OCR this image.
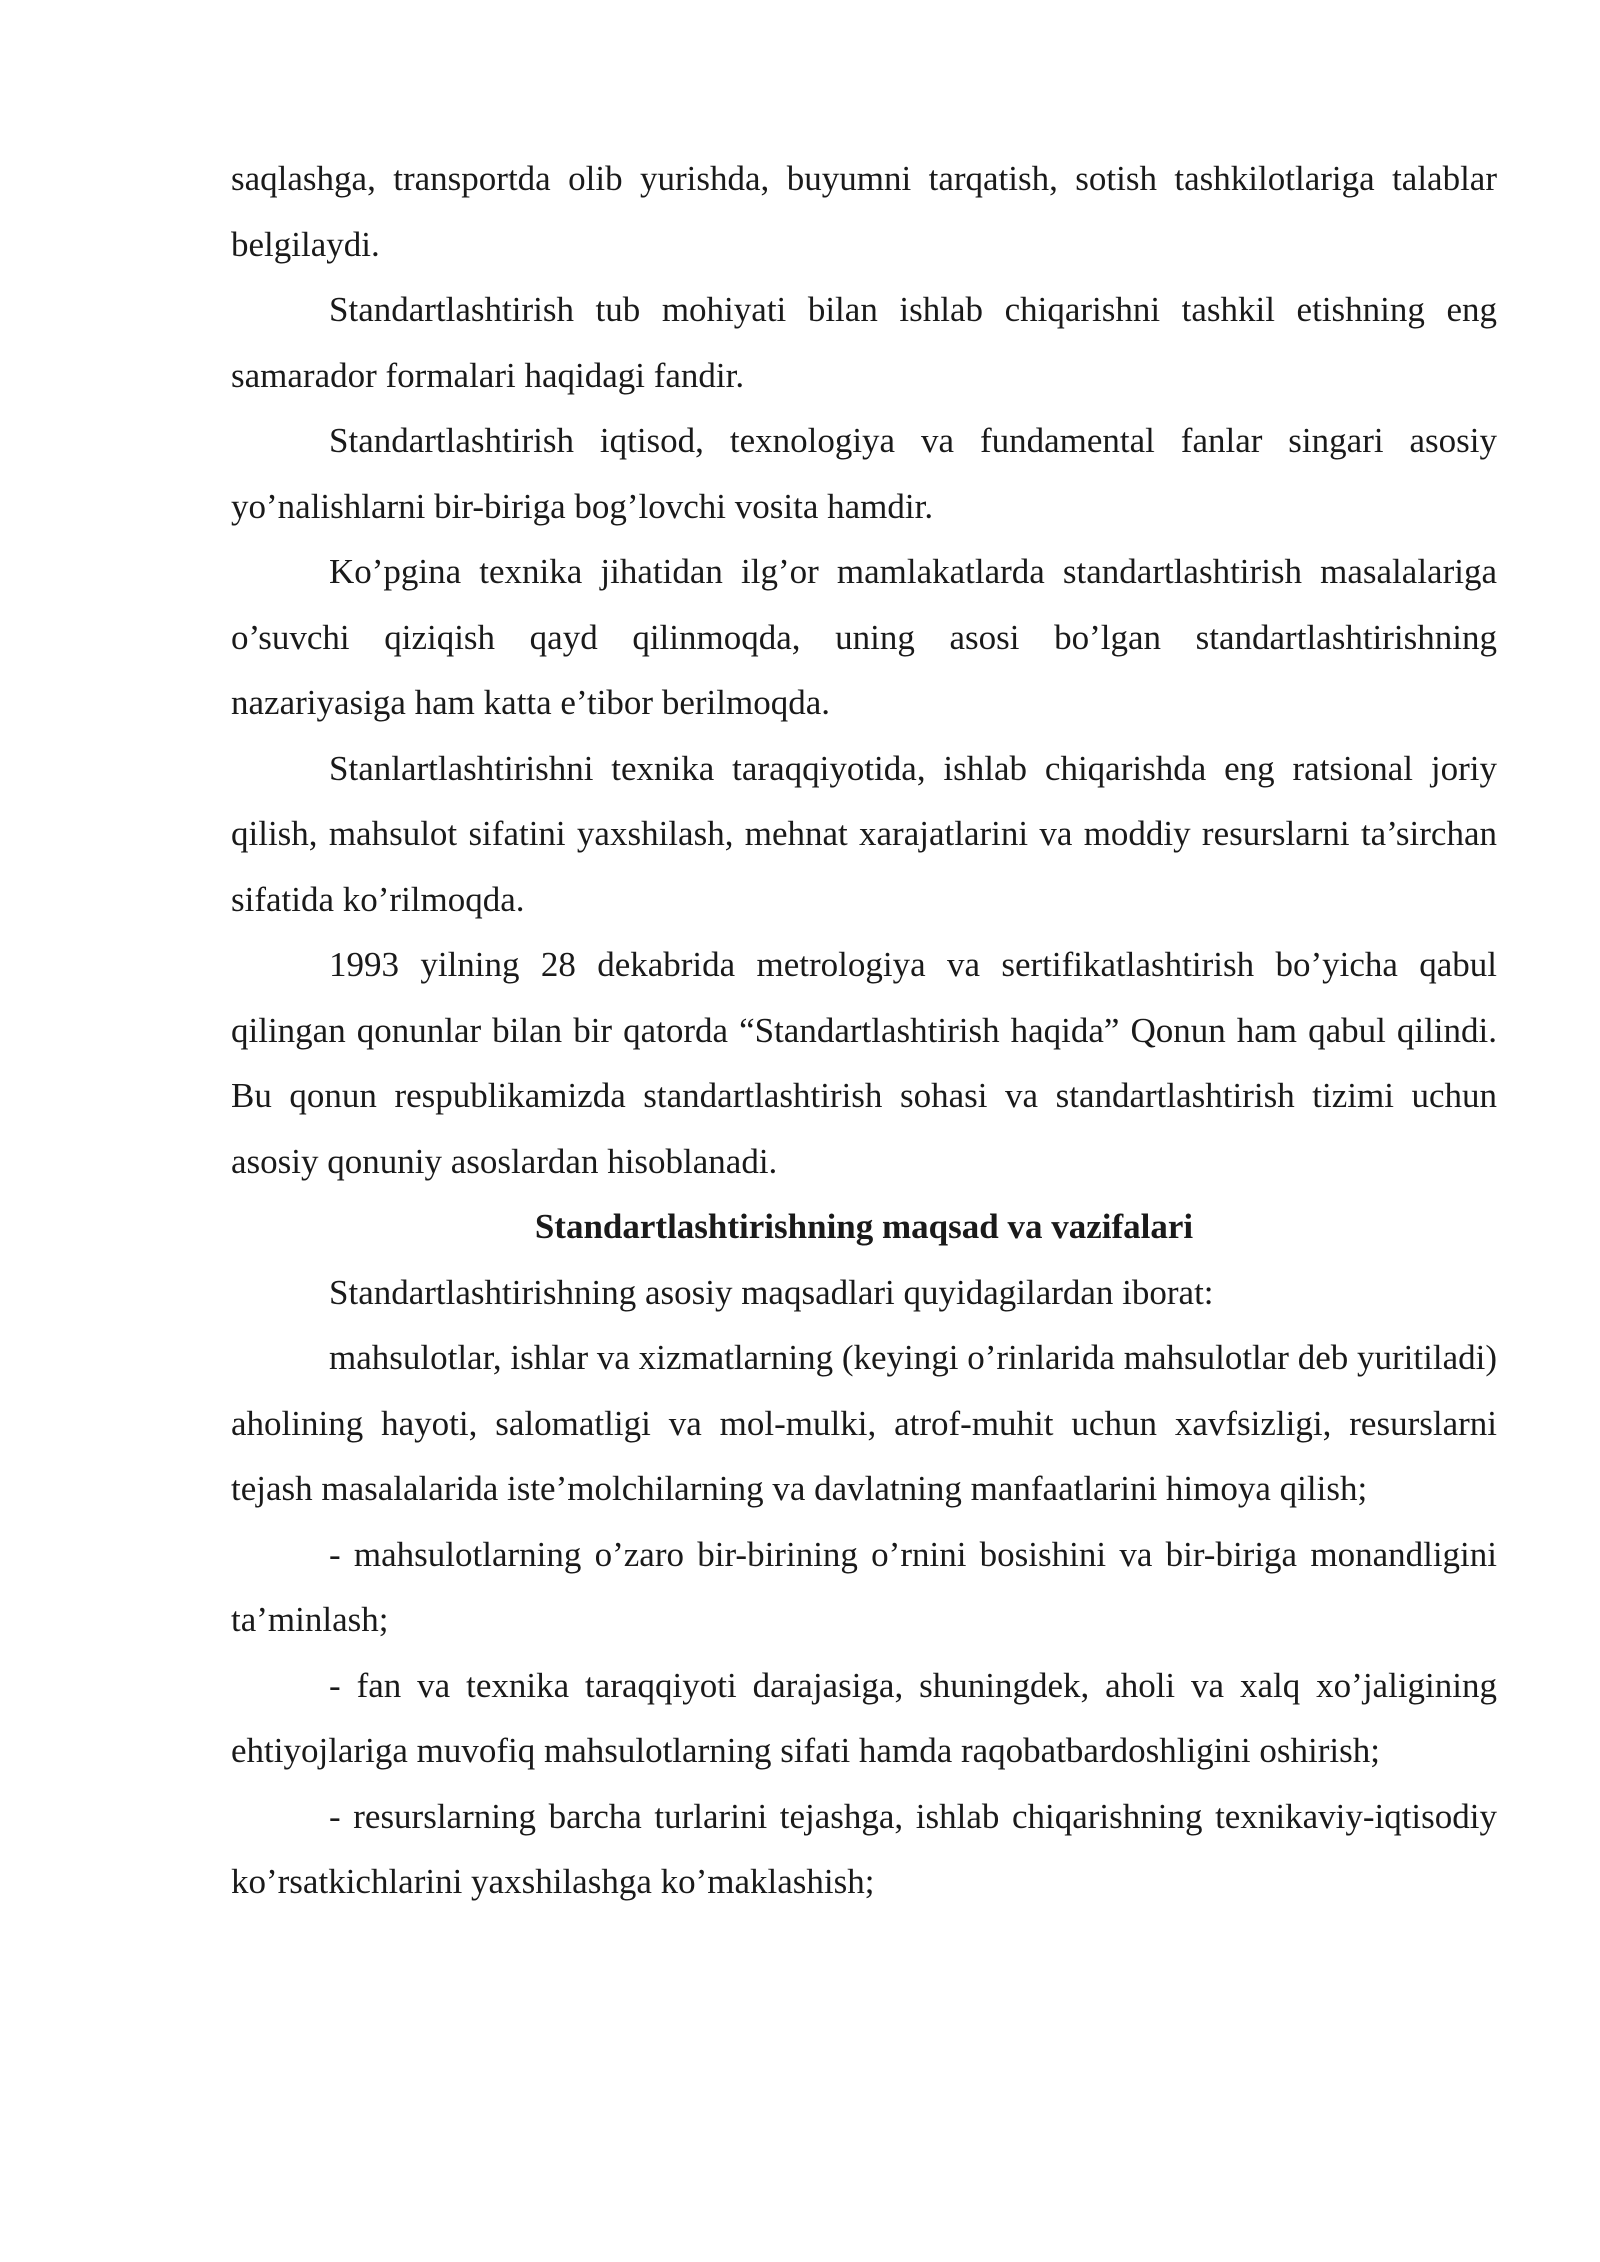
saqlashga, transportda olib yurishda, buyumni tarqatish, sotish tashkilotlariga talablar belgilaydi.

Standartlashtirish tub mohiyati bilan ishlab chiqarishni tashkil etishning eng samarador formalari haqidagi fandir.

Standartlashtirish iqtisod, texnologiya va fundamental fanlar singari asosiy yo’nalishlarni bir-biriga bog’lovchi vosita hamdir.

Ko’pgina texnika jihatidan ilg’or mamlakatlarda standartlashtirish masalalariga o’suvchi qiziqish qayd qilinmoqda, uning asosi bo’lgan standartlashtirishning nazariyasiga ham katta e’tibor berilmoqda.

Stanlartlashtirishni texnika taraqqiyotida, ishlab chiqarishda eng ratsional joriy qilish, mahsulot sifatini yaxshilash, mehnat xarajatlarini va moddiy resurslarni ta’sirchan sifatida ko’rilmoqda.

1993 yilning 28 dekabrida metrologiya va sertifikatlashtirish bo’yicha qabul qilingan qonunlar bilan bir qatorda “Standartlashtirish haqida” Qonun ham qabul qilindi. Bu qonun respublikamizda standartlashtirish sohasi va standartlashtirish tizimi uchun asosiy qonuniy asoslardan hisoblanadi.

Standartlashtirishning maqsad va vazifalari

Standartlashtirishning asosiy maqsadlari quyidagilardan iborat:

mahsulotlar, ishlar va xizmatlarning (keyingi o’rinlarida mahsulotlar deb yuritiladi) aholining hayoti, salomatligi va mol-mulki, atrof-muhit uchun xavfsizligi, resurslarni tejash masalalarida iste’molchilarning va davlatning manfaatlarini himoya qilish;

- mahsulotlarning o’zaro bir-birining o’rnini bosishini va bir-biriga monandligini ta’minlash;

- fan va texnika taraqqiyoti darajasiga, shuningdek, aholi va xalq xo’jaligining ehtiyojlariga muvofiq mahsulotlarning sifati hamda raqobatbardoshligini oshirish;

- resurslarning barcha turlarini tejashga, ishlab chiqarishning texnikaviy-iqtisodiy ko’rsatkichlarini yaxshilashga ko’maklashish;
